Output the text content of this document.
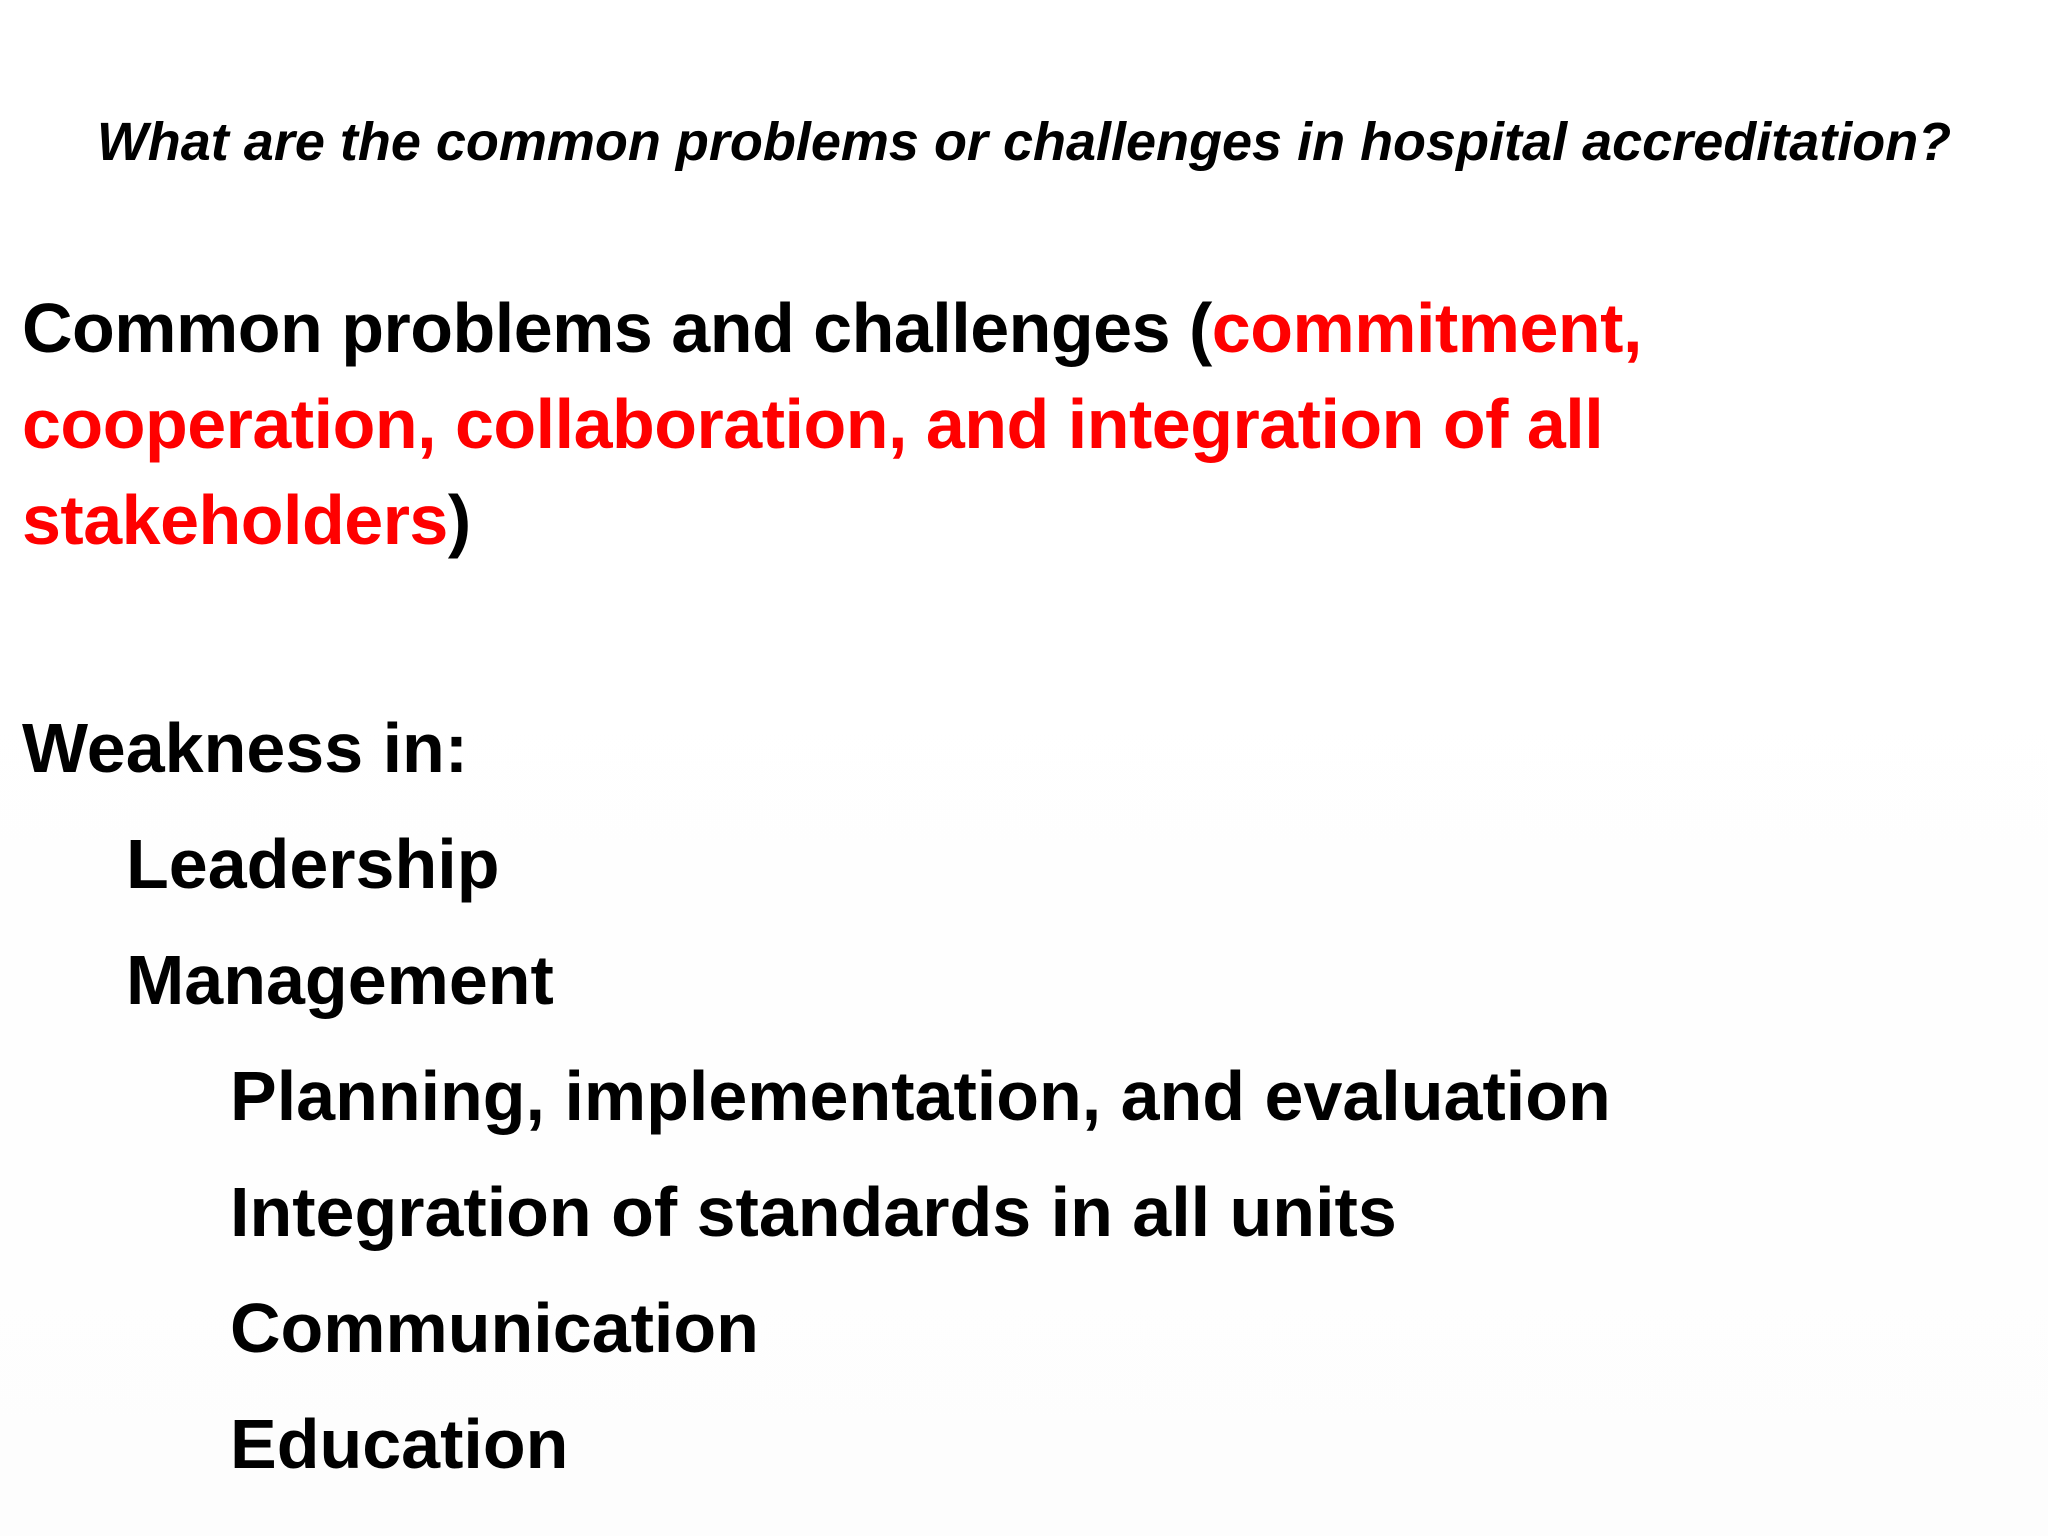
What are the common problems or challenges in hospital accreditation?
Common problems and challenges (commitment, cooperation, collaboration, and integration of all stakeholders)
Weakness in:
Leadership
Management
Planning, implementation, and evaluation
Integration of standards in all units
Communication
Education
